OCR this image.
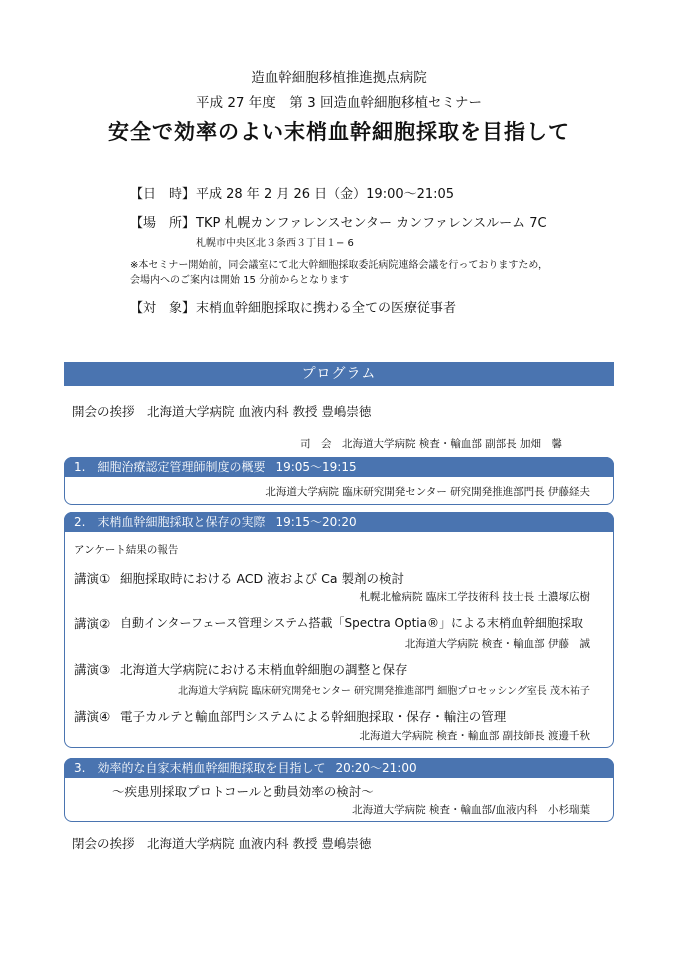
造血幹細胞移植推進拠点病院
平成 27 年度　第 3 回造血幹細胞移植セミナー
安全で効率のよい末梢血幹細胞採取を目指して
【日　時】 平成 28 年 2 月 26 日（金）19:00〜21:05
【場　所】 TKP 札幌カンファレンスセンター カンファレンスルーム 7C
札幌市中央区北３条西３丁目１− 6
※本セミナー開始前，同会議室にて北大幹細胞採取委託病院連絡会議を行っておりますため，
会場内へのご案内は開始 15 分前からとなります
【対　象】 末梢血幹細胞採取に携わる全ての医療従事者
プログラム
開会の挨拶　北海道大学病院 血液内科 教授 豊嶋崇徳
司　会　北海道大学病院 検査・輸血部 副部長 加畑　馨
1.　細胞治療認定管理師制度の概要 19:05〜19:15
北海道大学病院 臨床研究開発センター 研究開発推進部門長 伊藤経夫
2.　末梢血幹細胞採取と保存の実際 19:15〜20:20
アンケート結果の報告
講演① 細胞採取時における ACD 液および Ca 製剤の検討
札幌北楡病院 臨床工学技術科 技士長 土濃塚広樹
講演② 自動インターフェース管理システム搭載「Spectra Optia®」による末梢血幹細胞採取
北海道大学病院 検査・輸血部 伊藤　誠
講演③ 北海道大学病院における末梢血幹細胞の調整と保存
北海道大学病院 臨床研究開発センター 研究開発推進部門 細胞プロセッシング室長 茂木祐子
講演④ 電子カルテと輸血部門システムによる幹細胞採取・保存・輸注の管理
北海道大学病院 検査・輸血部 副技師長 渡邊千秋
3.　効率的な自家末梢血幹細胞採取を目指して 20:20〜21:00
〜疾患別採取プロトコールと動員効率の検討〜
北海道大学病院 検査・輸血部/血液内科　小杉瑞葉
閉会の挨拶　北海道大学病院 血液内科 教授 豊嶋崇徳
